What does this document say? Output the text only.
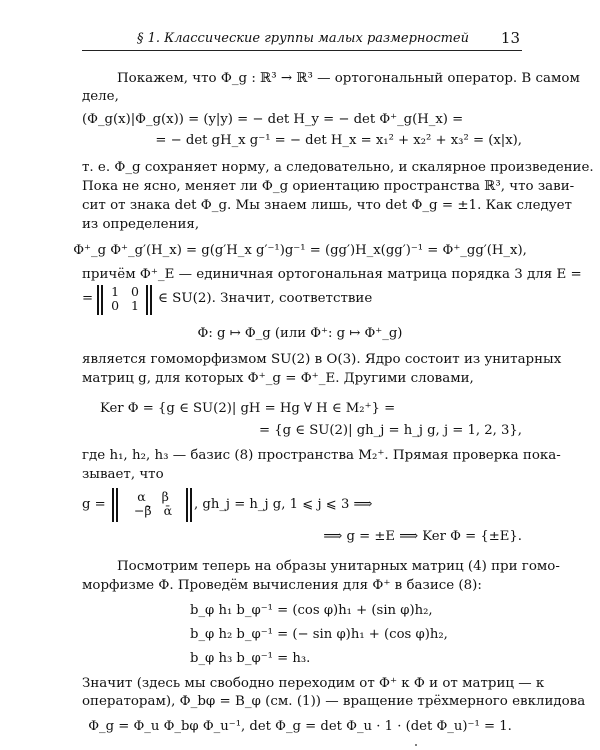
§ 1. Классические группы малых размерностей 13
Покажем, что Φ_g : ℝ³ → ℝ³ — ортогональный оператор. В самом
деле,
(Φ_g(x)|Φ_g(x)) = (y|y) = − det H_y = − det Φ⁺_g(H_x) =
= − det gH_x g⁻¹ = − det H_x = x₁² + x₂² + x₃² = (x|x),
т. е. Φ_g сохраняет норму, а следовательно, и скалярное произведение.
Пока не ясно, меняет ли Φ_g ориентацию пространства ℝ³, что зави-
сит от знака det Φ_g. Мы знаем лишь, что det Φ_g = ±1. Как следует
из определения,
Φ⁺_g Φ⁺_g′(H_x) = g(g′H_x g′⁻¹)g⁻¹ = (gg′)H_x(gg′)⁻¹ = Φ⁺_gg′(H_x),
причём Φ⁺_E — единичная ортогональная матрица порядка 3 для E =
= 1 0
0 1 ∈ SU(2). Значит, соответствие
Φ: g ↦ Φ_g (или Φ⁺: g ↦ Φ⁺_g)
является гомоморфизмом SU(2) в O(3). Ядро состоит из унитарных
матриц g, для которых Φ⁺_g = Φ⁺_E. Другими словами,
Ker Φ = {g ∈ SU(2)| gH = Hg ∀ H ∈ M₂⁺} =
= {g ∈ SU(2)| gh_j = h_j g, j = 1, 2, 3},
где h₁, h₂, h₃ — базис (8) пространства M₂⁺. Прямая проверка пока-
зывает, что
g =
α β
−β̄ ᾱ	, gh_j = h_j g, 1 ⩽ j ⩽ 3 ⟹
⟹ g = ±E ⟹ Ker Φ = {±E}.
Посмотрим теперь на образы унитарных матриц (4) при гомо-
морфизме Φ. Проведём вычисления для Φ⁺ в базисе (8):
b_φ h₁ b_φ⁻¹ = (cos φ)h₁ + (sin φ)h₂,
b_φ h₂ b_φ⁻¹ = (− sin φ)h₁ + (cos φ)h₂,
b_φ h₃ b_φ⁻¹ = h₃.
Значит (здесь мы свободно переходим от Φ⁺ к Φ и от матриц — к
операторам), Φ_bφ = B_φ (см. (1)) — вращение трёхмерного евклидова
Φ_g = Φ_u Φ_bφ Φ_u⁻¹, det Φ_g = det Φ_u · 1 · (det Φ_u)⁻¹ = 1.
